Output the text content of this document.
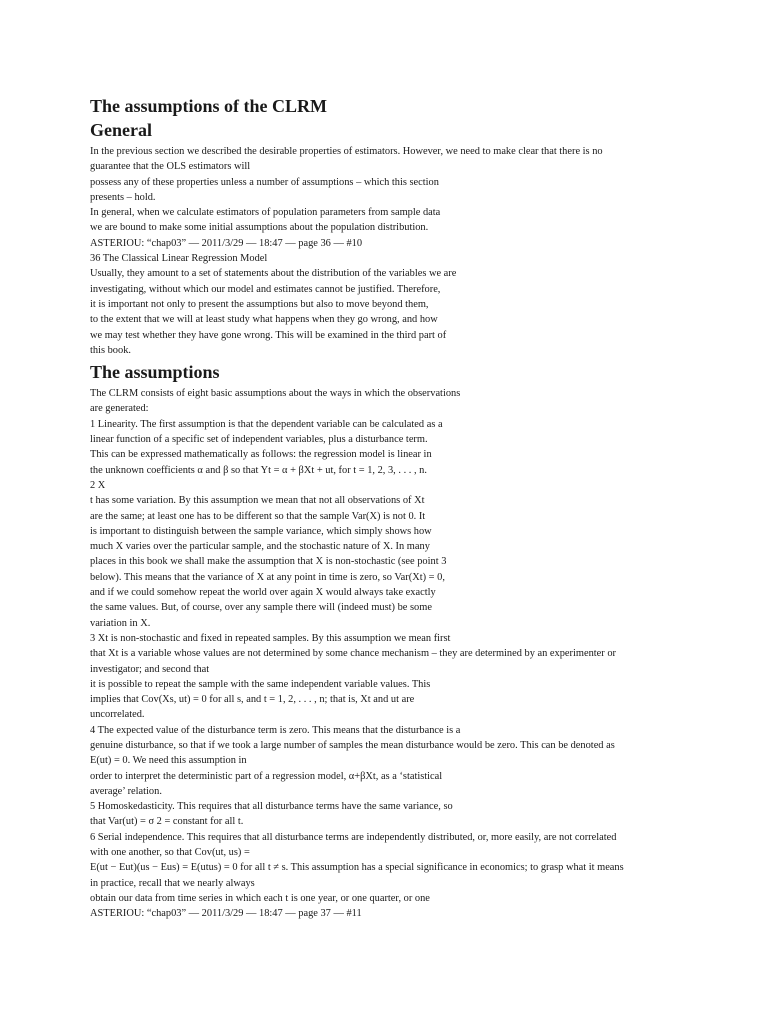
The assumptions of the CLRM
General

In the previous section we described the desirable properties of estimators. However, we need to make clear that there is no

guarantee that the OLS estimators will

possess any of these properties unless a number of assumptions – which this section

presents – hold.

In general, when we calculate estimators of population parameters from sample data

we are bound to make some initial assumptions about the population distribution.

ASTERIOU: “chap03” — 2011/3/29 — 18:47 — page 36 — #10

36 The Classical Linear Regression Model

Usually, they amount to a set of statements about the distribution of the variables we are

investigating, without which our model and estimates cannot be justified. Therefore,

it is important not only to present the assumptions but also to move beyond them,

to the extent that we will at least study what happens when they go wrong, and how

we may test whether they have gone wrong. This will be examined in the third part of

this book.

The assumptions

The CLRM consists of eight basic assumptions about the ways in which the observations

are generated:

1 Linearity. The first assumption is that the dependent variable can be calculated as a

linear function of a specific set of independent variables, plus a disturbance term.

This can be expressed mathematically as follows: the regression model is linear in

the unknown coefficients α and β so that Yt = α + βXt + ut, for t = 1, 2, 3, . . . , n.

2 X

t has some variation. By this assumption we mean that not all observations of Xt

are the same; at least one has to be different so that the sample Var(X) is not 0. It

is important to distinguish between the sample variance, which simply shows how

much X varies over the particular sample, and the stochastic nature of X. In many

places in this book we shall make the assumption that X is non-stochastic (see point 3

below). This means that the variance of X at any point in time is zero, so Var(Xt) = 0,

and if we could somehow repeat the world over again X would always take exactly

the same values. But, of course, over any sample there will (indeed must) be some

variation in X.

3 Xt is non-stochastic and fixed in repeated samples. By this assumption we mean first

that Xt is a variable whose values are not determined by some chance mechanism – they are determined by an experimenter or

investigator; and second that

it is possible to repeat the sample with the same independent variable values. This

implies that Cov(Xs, ut) = 0 for all s, and t = 1, 2, . . . , n; that is, Xt and ut are

uncorrelated.

4 The expected value of the disturbance term is zero. This means that the disturbance is a

genuine disturbance, so that if we took a large number of samples the mean disturbance would be zero. This can be denoted as

E(ut) = 0. We need this assumption in

order to interpret the deterministic part of a regression model, α+βXt, as a ‘statistical

average’ relation.

5 Homoskedasticity. This requires that all disturbance terms have the same variance, so

that Var(ut) = σ 2 = constant for all t.

6 Serial independence. This requires that all disturbance terms are independently distributed, or, more easily, are not correlated

with one another, so that Cov(ut, us) =

E(ut − Eut)(us − Eus) = E(utus) = 0 for all t ≠ s. This assumption has a special significance in economics; to grasp what it means

in practice, recall that we nearly always

obtain our data from time series in which each t is one year, or one quarter, or one

ASTERIOU: “chap03” — 2011/3/29 — 18:47 — page 37 — #11
